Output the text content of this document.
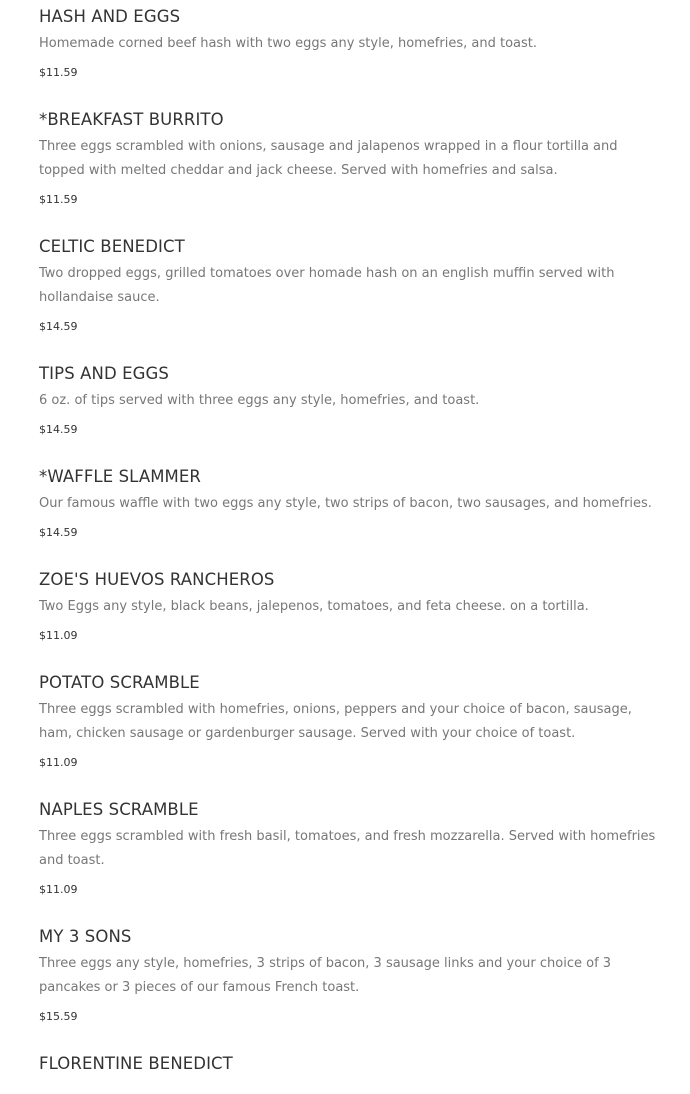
HASH AND EGGS

Homemade corned beef hash with two eggs any style, homefries, and toast.

$11.59

*BREAKFAST BURRITO

Three eggs scrambled with onions, sausage and jalapenos wrapped in a flour tortilla and topped with melted cheddar and jack cheese. Served with homefries and salsa.

$11.59

CELTIC BENEDICT

Two dropped eggs, grilled tomatoes over homade hash on an english muffin served with hollandaise sauce.

$14.59

TIPS AND EGGS

6 oz. of tips served with three eggs any style, homefries, and toast.

$14.59

*WAFFLE SLAMMER

Our famous waffle with two eggs any style, two strips of bacon, two sausages, and homefries.

$14.59

ZOE'S HUEVOS RANCHEROS

Two Eggs any style, black beans, jalepenos, tomatoes, and feta cheese. on a tortilla.

$11.09

POTATO SCRAMBLE

Three eggs scrambled with homefries, onions, peppers and your choice of bacon, sausage, ham, chicken sausage or gardenburger sausage. Served with your choice of toast.

$11.09

NAPLES SCRAMBLE

Three eggs scrambled with fresh basil, tomatoes, and fresh mozzarella. Served with homefries and toast.

$11.09

MY 3 SONS

Three eggs any style, homefries, 3 strips of bacon, 3 sausage links and your choice of 3 pancakes or 3 pieces of our famous French toast.

$15.59

FLORENTINE BENEDICT
